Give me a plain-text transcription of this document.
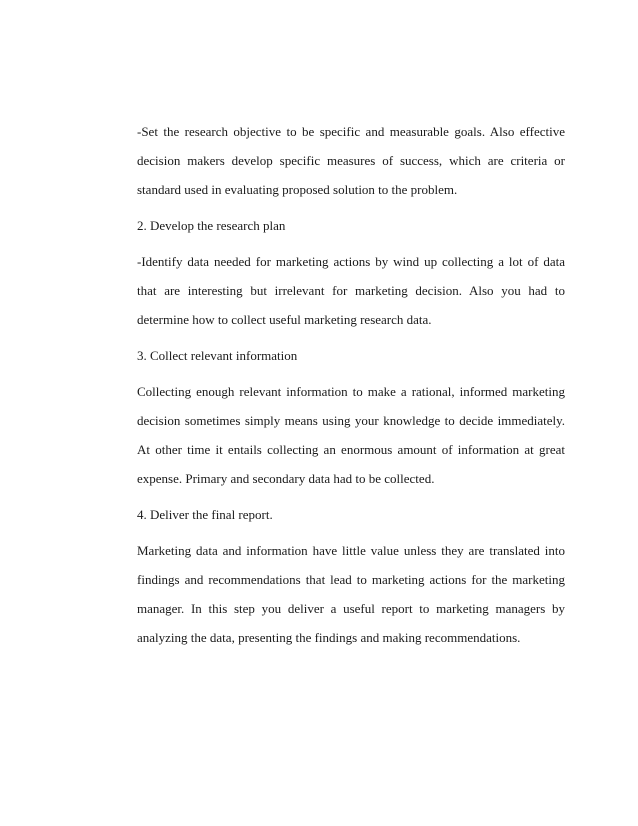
-Set the research objective to be specific and measurable goals. Also effective decision makers develop specific measures of success, which are criteria or standard used in evaluating proposed solution to the problem.

2. Develop the research plan

-Identify data needed for marketing actions by wind up collecting a lot of data that are interesting but irrelevant for marketing decision. Also you had to determine how to collect useful marketing research data.

3. Collect relevant information

Collecting enough relevant information to make a rational, informed marketing decision sometimes simply means using your knowledge to decide immediately. At other time it entails collecting an enormous amount of information at great expense. Primary and secondary data had to be collected.

4. Deliver the final report.

Marketing data and information have little value unless they are translated into findings and recommendations that lead to marketing actions for the marketing manager. In this step you deliver a useful report to marketing managers by analyzing the data, presenting the findings and making recommendations.
